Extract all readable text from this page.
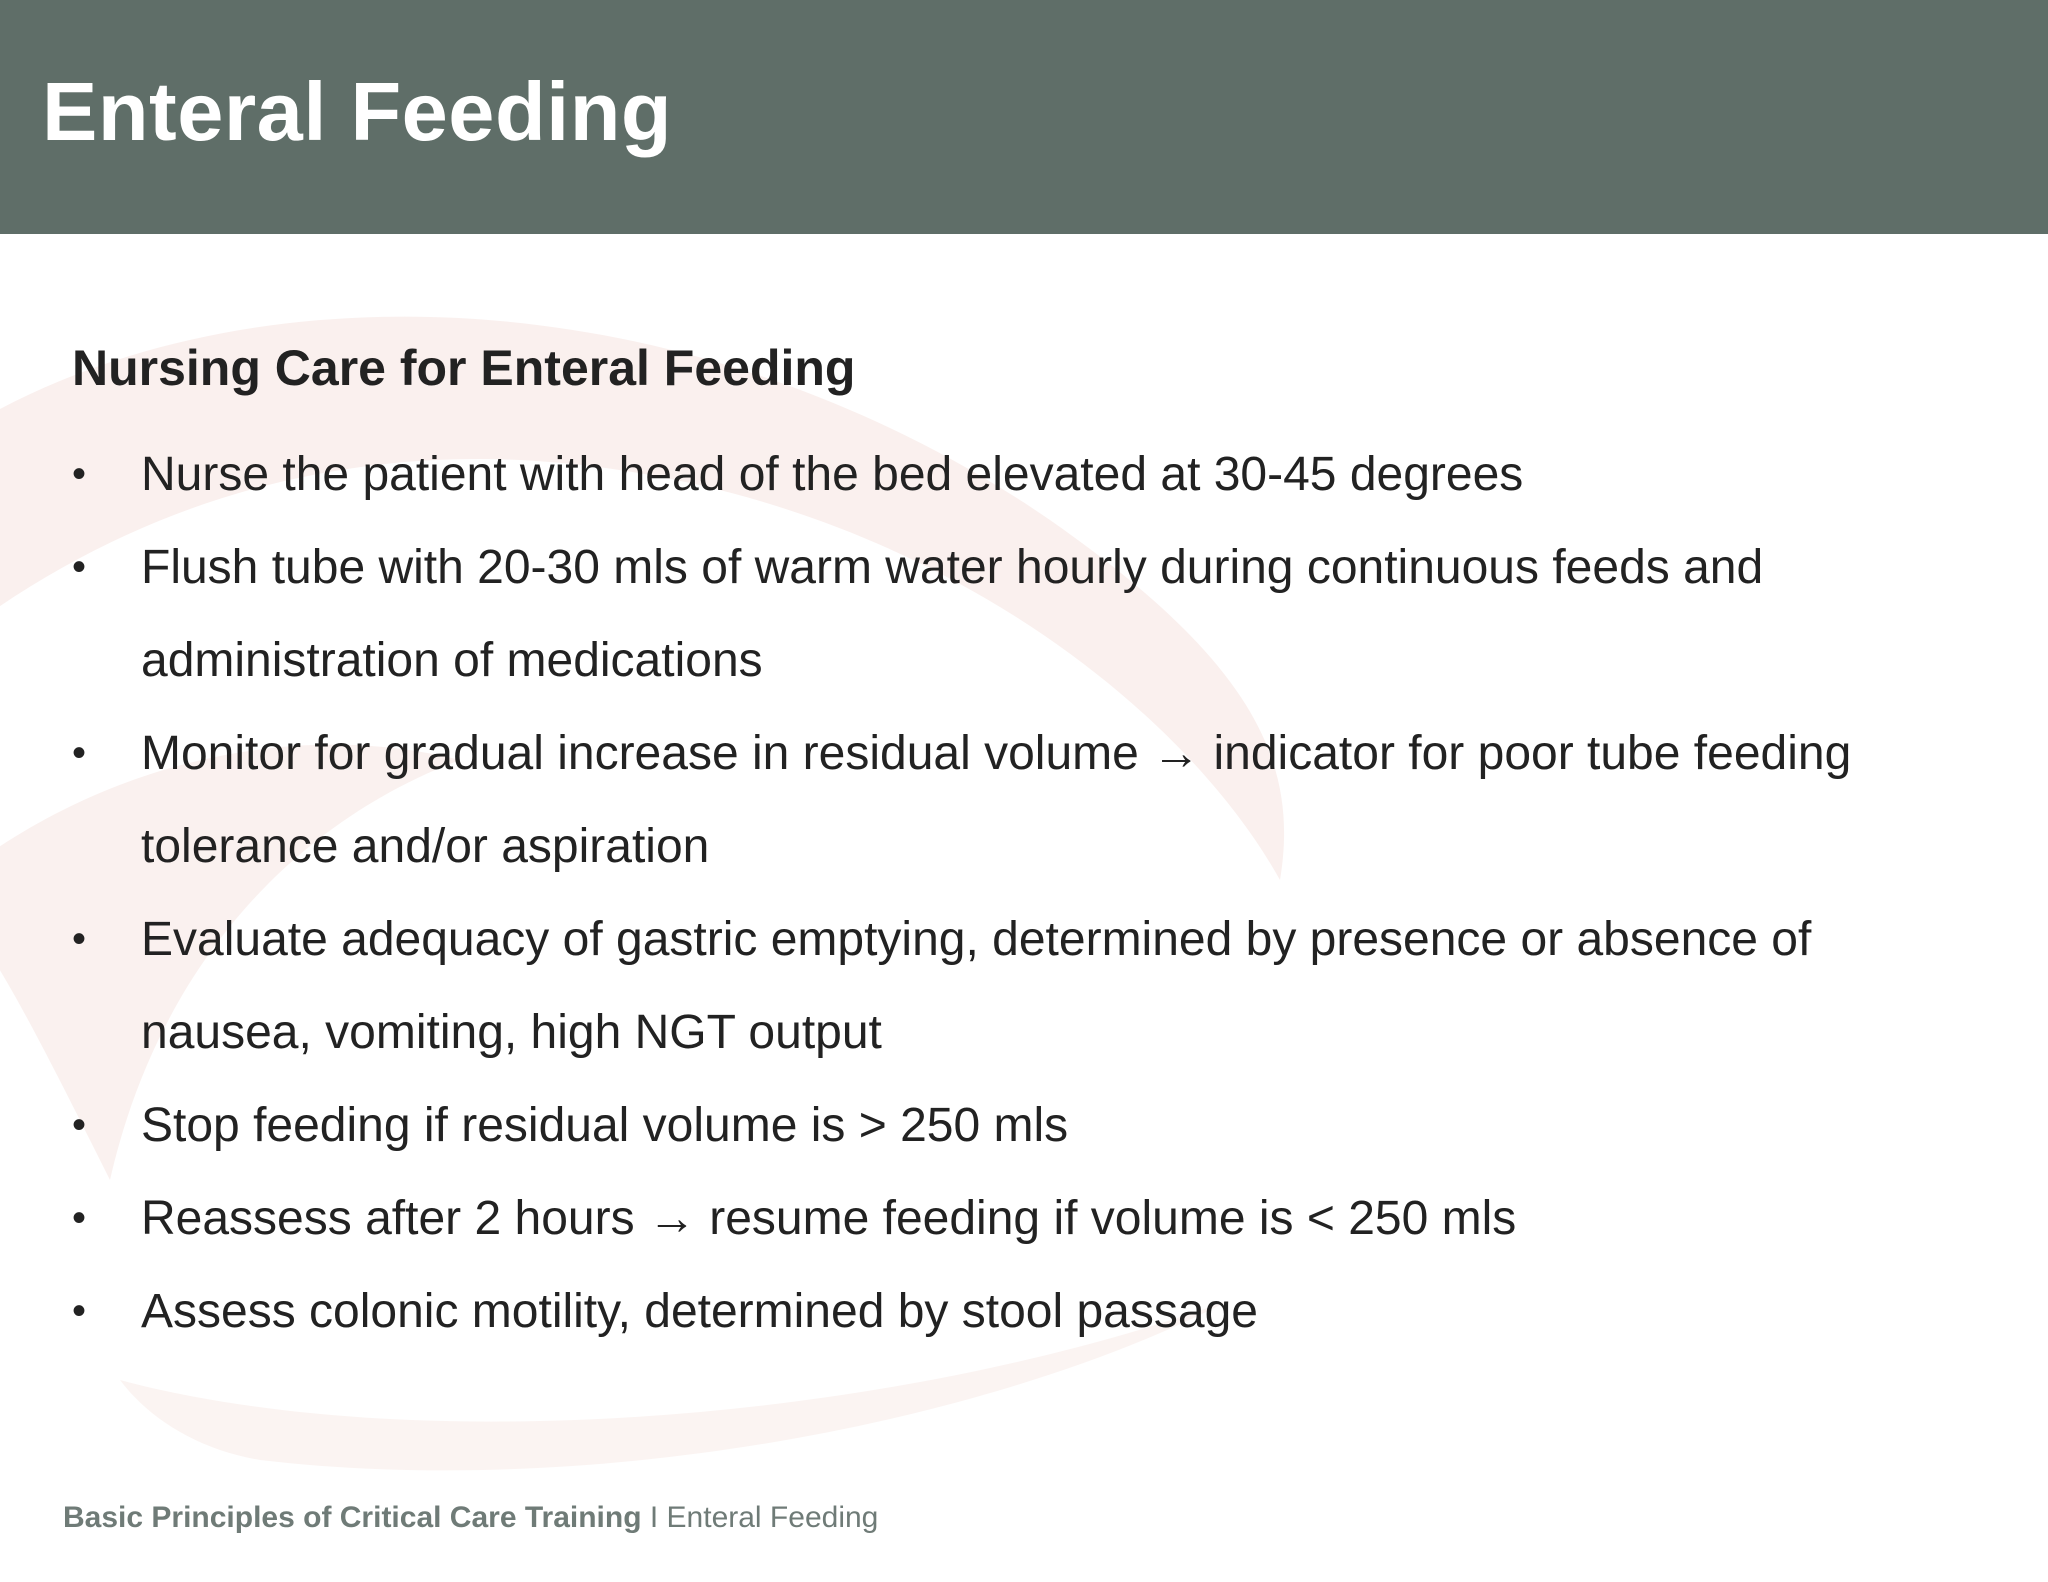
Enteral Feeding
Nursing Care for Enteral Feeding
•	Nurse the patient with head of the bed elevated at 30-45 degrees
•	Flush tube with 20-30 mls of warm water hourly during continuous feeds and administration of medications
•	Monitor for gradual increase in residual volume → indicator for poor tube feeding tolerance and/or aspiration
•	Evaluate adequacy of gastric emptying, determined by presence or absence of nausea, vomiting, high NGT output
•	Stop feeding if residual volume is > 250 mls
•	Reassess after 2 hours → resume feeding if volume is < 250 mls
•	Assess colonic motility, determined by stool passage
Basic Principles of Critical Care Training I Enteral Feeding
